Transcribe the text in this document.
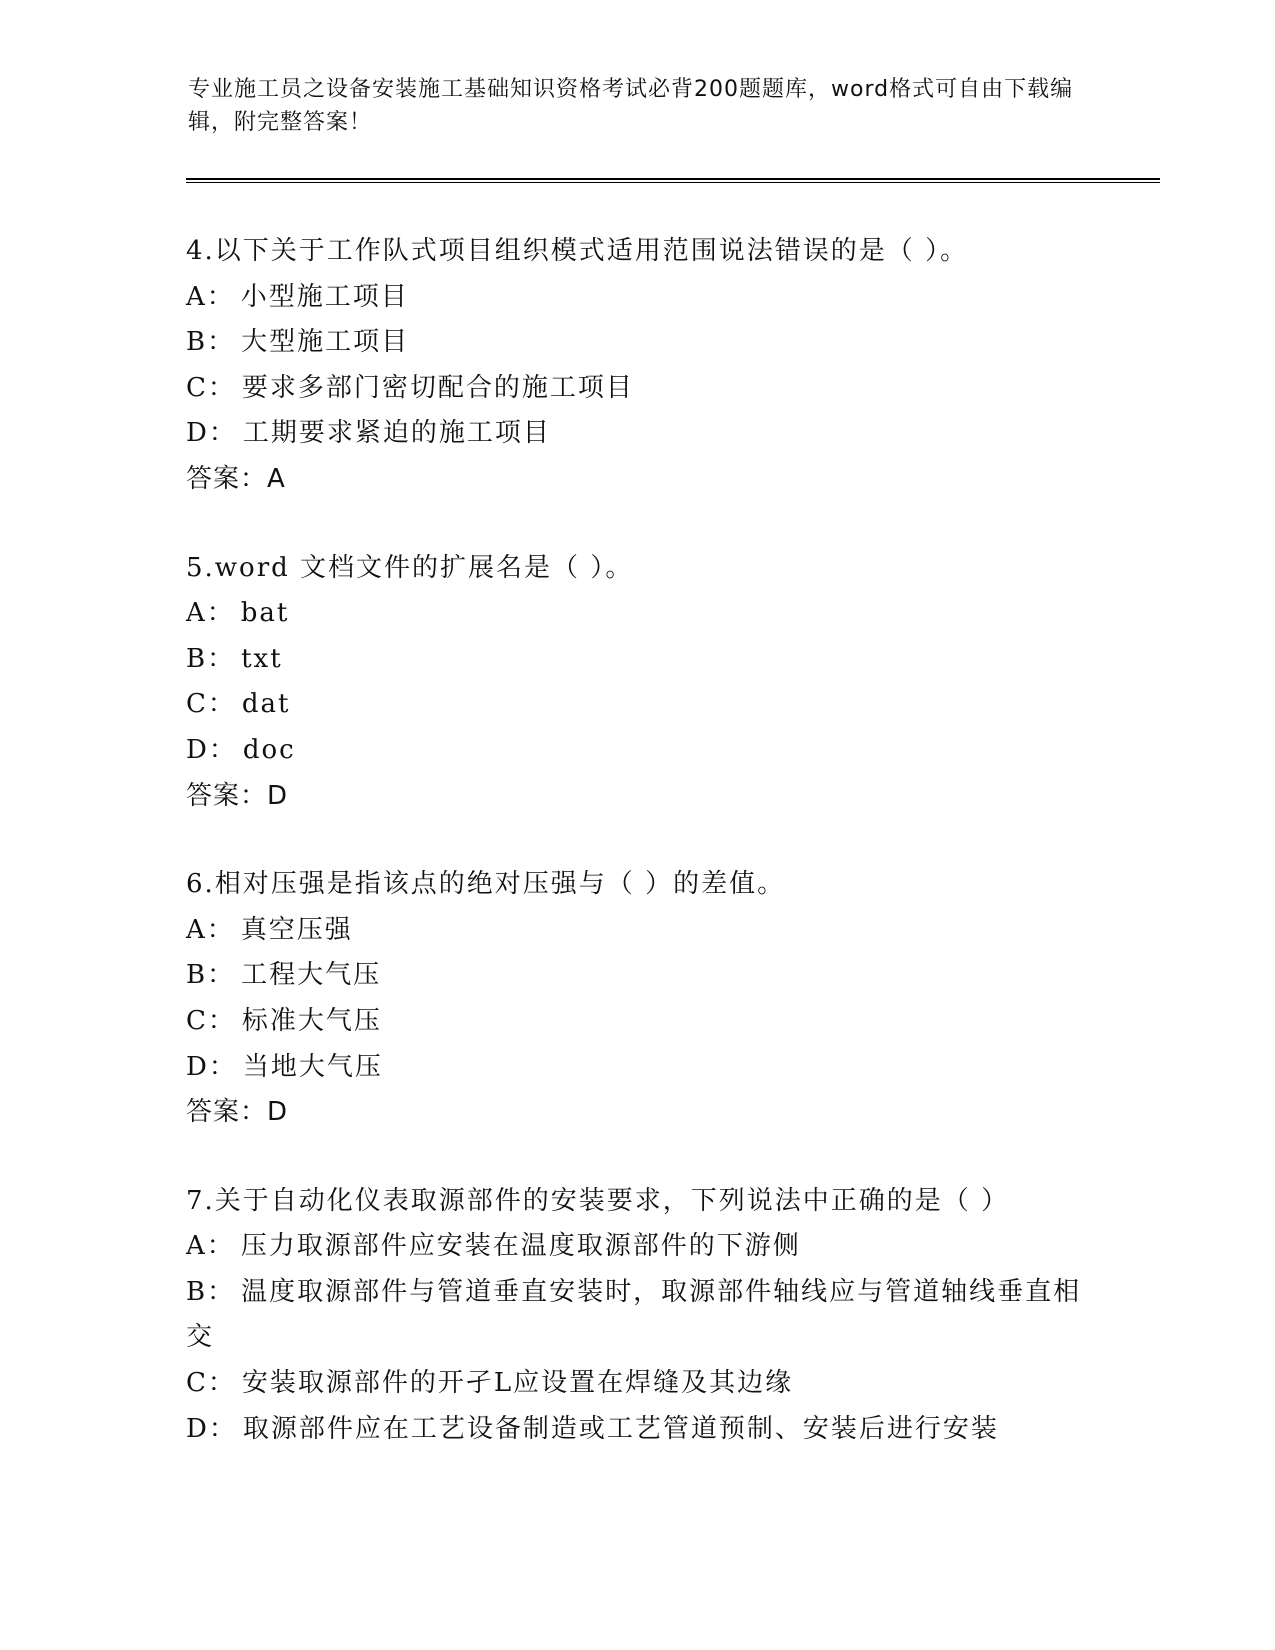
专业施工员之设备安装施工基础知识资格考试必背200题题库，word格式可自由下载编辑，附完整答案！
4.以下关于工作队式项目组织模式适用范围说法错误的是（ ）。
A： 小型施工项目
B： 大型施工项目
C： 要求多部门密切配合的施工项目
D： 工期要求紧迫的施工项目
答案：A
5.word 文档文件的扩展名是（ ）。
A： bat
B： txt
C： dat
D： doc
答案：D
6.相对压强是指该点的绝对压强与（ ）的差值。
A： 真空压强
B： 工程大气压
C： 标准大气压
D： 当地大气压
答案：D
7.关于自动化仪表取源部件的安装要求，下列说法中正确的是（ ）
A： 压力取源部件应安装在温度取源部件的下游侧
B： 温度取源部件与管道垂直安装时，取源部件轴线应与管道轴线垂直相交
C： 安装取源部件的开孑L应设置在焊缝及其边缘
D： 取源部件应在工艺设备制造或工艺管道预制、安装后进行安装
